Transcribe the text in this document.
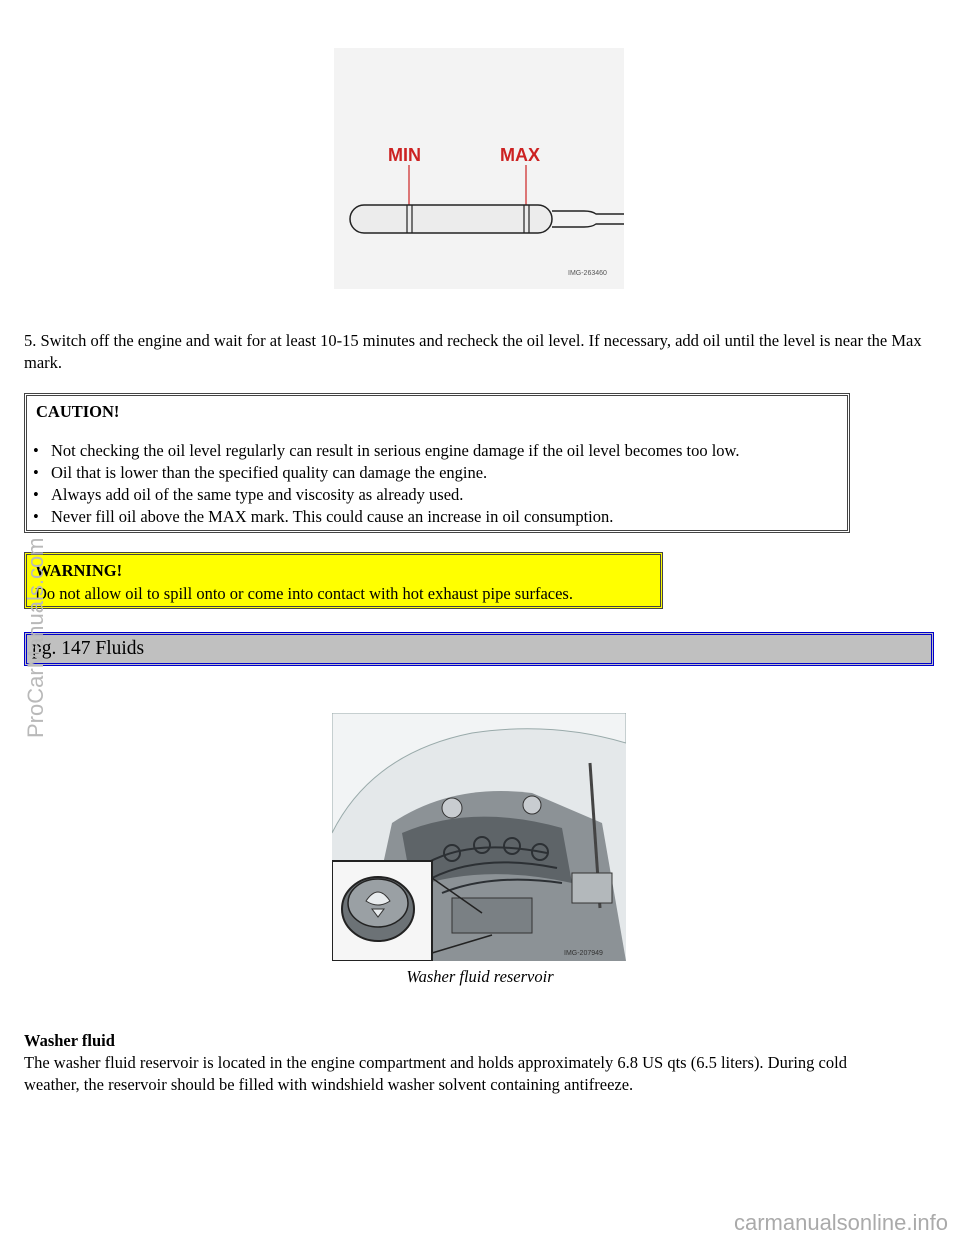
MIN	MAX
IMG-263460
5. Switch off the engine and wait for at least 10-15 minutes and recheck the oil level. If necessary, add oil until the level is near the Max mark.
CAUTION!
• Not checking the oil level regularly can result in serious engine damage if the oil level becomes too low.
• Oil that is lower than the specified quality can damage the engine.
• Always add oil of the same type and viscosity as already used.
• Never fill oil above the MAX mark. This could cause an increase in oil consumption.
WARNING!
Do not allow oil to spill onto or come into contact with hot exhaust pipe surfaces.
pg. 147 Fluids
IMG-207949
Washer fluid reservoir
Washer fluid
The washer fluid reservoir is located in the engine compartment and holds approximately 6.8 US qts (6.5 liters). During cold weather, the reservoir should be filled with windshield washer solvent containing antifreeze.
ProCarManuals.com
carmanualsonline.info
